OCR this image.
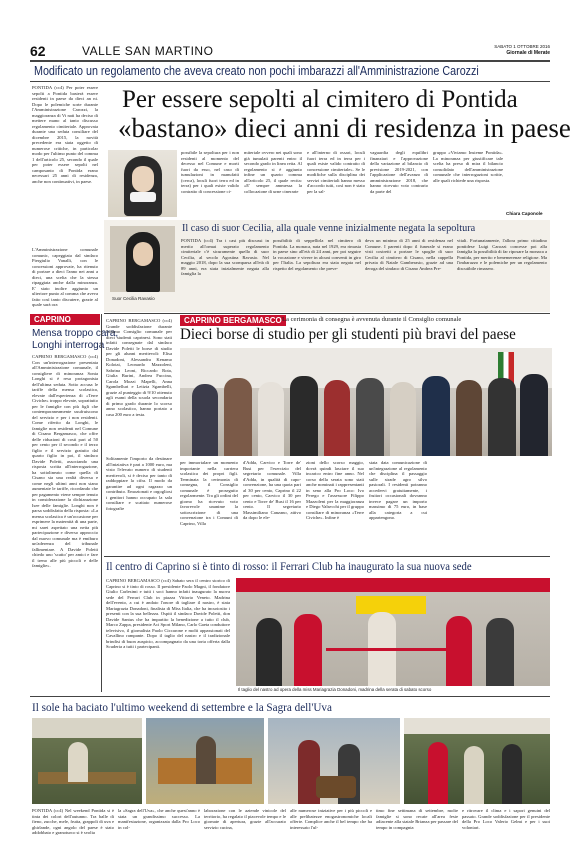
62	VALLE SAN MARTINO	SABATO 1 OTTOBRE 2016
Giornale di Merate
Modificato un regolamento che aveva creato non pochi imbarazzi all'Amministrazione Carozzi
PONTIDA (cc4) Per poter essere sepolti a Pontida basterà essere residenti in paese da dieci an ni. Dopo le polemiche sorte durante l'Amministrazione Carozzi, la maggioranza di Vi nati ha deciso di mettere mano al tanto discusso regolamento cimiteriale. Approvata durante una seduta consiliare del dicembre 2015, la novità precedente era stata oggetto di numerose critiche, in particolar modo per l'ultimo punto del comma 1 dell'articolo 25, secondo il quale per poter essere sepolti nel camposanto di Pontida erano necessari 25 anni di residenza, anche non continuativi, in paese.
Per essere sepolti al cimitero di Pontida
«bastano» dieci anni di residenza in paese
possibile la sepoltura per i non residenti al momento del decesso nel Comune e morti fuori da esso, nel caso di tumulazioni in manufatti (cerca), loculi fuori terra ed in terra) per i quali esiste valido contratto di concessione ci-
miteriale ovvero nei quali sono già tumulati parenti entro il secondo grado in linea retta. Al regolamento si è aggiunto infine un quarto comma all'articolo 25, il quale recita: «E' sempre ammessa la collocazione di urne cinerarie
e all'interno di ossari, loculi fuori terra ed in terra per i quali esiste valido contratto di concessione cimiteriale». Se le modifiche sulla disciplina dei servizi cimiteriali hanno messo d'accordo tutti, così non è stato per la sal-
vaguardia degli equilibri finanziari e l'approvazione della variazione al bilancio di previsione 2019-2021, con l'applicazione dell'avanzo di amministrazione 2018, che hanno ricevuto voto contrario da parte del
gruppo «Viviamo Insieme Pontida». La minoranza per giustificare tale scelta ha preso di mira il bilancio consolidato dell'amministrazione comunale che interrogazioni scritte, alle quali richiede una risposta.
Chiara Caponole
L'Amministrazione comunale comunic, capeggiata dal sindaco Piergiulio Vanalli, con le concessioni approvate, ha ritenuto di portare a dieci l'anno nei anni a dieci, una scelta che la stessa ripaggiata anche dalla minoranza. E' stato inoltre aggiunto un ulteriore punto al comma che aveva fatto così tanto discutere, grazie al quale sarà ora
Il caso di suor Cecilia, alla quale venne inizialmente negata la sepoltura
Suor Cecilia Ravasio
PONTIDA (cc4) Tra i casi più discussi in merito all'ormai superato regolamento cimiteriale c'è sicuramente quello di suor Cecilia, al secolo Agostina Ravasio. Nel maggio 2018, dopo la sua scomparsa all'età di 89 anni, era stata inizialmente negata alla famiglia la
possibilità di seppellirla nel cimitero di Pontida. La monaca, nata nel 1929, era rimasta in paese sino all'età di 24 anni, per poi seguire la vocazione e vivere in alcuni conventi in giro per l'Italia. La sepoltura era stata negata nel rispetto del regolamento che preve-
deva un minimo di 25 anni di residenza nel Comune. I parenti dopo il funerale si erano visti costretti a portare le spoglie di suor Cecilia al cimitero di Cisano, nella cappella privata di Natale Gamberasio, grazie ad una deroga del sindaco di Cisano Andrea Pre-
vitali. Fortunatamente, l'allora primo cittadino pontidese Luigi Carozzi concesse poi alla famiglia la possibilità di far riposare la monaca a Pontida, per merito e benemerenze religiose. Ma l'imbarazzo e le polemiche per un regolamento discutibile rimasero.
CAPRINO
Mensa troppo cara,
Longhi interroga
CAPRINO BERGAMASCO (cc4) Con un'interrogazione presentata all'Amministrazione comunale, il consigliere di minoranza Sonia Longhi si è resa protagonista dell'ultima seduta. Sotto accusa le tariffe della mensa scolastica, elevate dall'esperienza di «Terre Civiche» troppo elevate, soprattutto per le famiglie con più figli che contemporaneamente usufruiscono del servizio e per i non residenti. Come riferito da Longhi, le famiglie non residenti nel Comune di Cisano Bergamasco, che offre delle riduzioni di costi pari al 50 per cento per il secondo e il terzo figlio e il servizio gratuito dal quarto figlio in poi, il sindaco Davide Poletti, associando una risposta scritta all'interrogazione, ha sottolineato come quella di Cisano sia una realtà diversa e come negli ultimi anni non siano aumentate le tariffe, ricordando che per pagamento viene sempre tenuto in considerazione la dichiarazione Isee delle famiglie. Longhi non è parsa soddisfatta della risposta: «La mensa scolastica è un'occasione per esprimere la maternità di una parte, mi sarei aspettato una netta più partecipazione e diverso approccio dal nuovo comunale ma è emiburo un'aderenza del tribunale fallimentare. A Davide Poletti chiedo uno 'scatto' per amici e fare il treno alle più piccoli e delle famiglie».
CAPRINO BERGAMASCO (cc4) Grande soddisfazione durante l'ultimo Consiglio comunale per dieci studenti caprinesi. Sono stati infatti consegnate dal sindaco Davide Poletti le borse di studio per gli alunni meritevoli: Elisa Donadoni, Alessandra Kenamo Kolotai, Leonardo Mazzoleni, Sabrina Leoni, Riccardo Rota, Giulia Burini, Andrea Fuccina, Carola Mozzi Mapelli, Anna Sgambelluri e Letizia Sgambelli, grazie al punteggio di 9/10 ottenuto agli esami della scuola secondaria di primo grado durante lo scorso anno scolastico, hanno portato a casa 200 euro a testa.
Solitamente l'importo da destinare all'iniziativa è pari a 1000 euro, ma visto l'elevato numero di studenti meritevoli, si è deciso per tanto di raddoppiare la cifra. Il modo da garantire ad ogni ragazzo un contributo. Emozionati e orgogliosi i genitori hanno occupato la sala consiliare e scattato numerose fotografie
CAPRINO BERGAMASCO La cerimonia di consegna è avvenuta durante il Consiglio comunale
Dieci borse di studio per gli studenti più bravi del paese
per immortalare un momento importante nella carriera scolastica dei propri figli. Terminata la cerimonia di consegna, il Consiglio comunale è proseguito regolarmente. Tra gli ordini del giorno ha ricevuto voto favorevole unanime la sottoscrizione di una convenzione tra i Comuni di Caprino, Villa
d'Adda, Carvico e Torre de' Busi per l'esercizio del segretario comunale. Villa d'Adda, in qualità di capo-convenzione, ha una quota pari al 30 per cento, Caprino il 22 per cento, Carvico il 30 per cento e Torre de' Busi il 16 per cento. Il segretario Massimiliano Canzano, attivo da dopo le ele-
zioni dello scorso maggio, dovrà quindi lasciare il suo incarico entro fine anno. Nel corso della serata sono stati anche nominati i rappresentanti in seno alla Pro Loco: Ivo Perego e l'assessore Filippo Mazzoleni per la maggioranza e Diego Valsecchi per il gruppo consiliare di minoranza «Terre Civiche». Infine è
stata data comunicazione di un'integrazione al regolamento che disciplina il passaggio sulle strade agro silvo pastorali. I residenti potranno accedervi gratuitamente, i fruitori occasionali dovranno invece pagare un importo massimo di 75 euro, in base alla categoria a cui appartengono.
Il centro di Caprino si è tinto di rosso: il Ferrari Club ha inaugurato la sua nuova sede
CAPRINO BERGAMASCO (cc4) Sabato sera il centro storico di Caprino si è tinto di rosso. Il presidente Paolo Magni, il fondatore Giulio Carlesimi e tutti i soci hanno infatti inaugurato la nuova sede del Ferrari Club in piazza Vittorio Veneto. Madrina dell'evento, a cui è andato l'onore di tagliare il nastro, è stata Mariagrazia Donadoni, finalista di Miss Italia, che ha incuriosito i presenti con la sua bellezza. Ospiti il sindaco Davide Poletti, don Davide Santus che ha impartito la benedizione a tutto il club, Marco Zappa, presidente Aci Sport Milano, Carlo Gaeta conduttore televisivo, il giornalista Paolo Ciccarone e molti appassionati del Cavallino rampante. Dopo il taglio del nastro e il tradizionale brindisi di buon auspicio, accompagnato da una torta offerta dalla Scuderia a tutti i partecipanti.
Il taglio del nastro ad opera della miss Mariagrazia Donadoni, madrina della serata di sabato scorso
Il sole ha baciato l'ultimo weekend di settembre e la Sagra dell'Uva
PONTIDA (cc4) Nel weekend Pontida si è tinta dei colori dell'autunno. Tra balle di fieno, zucche, mele, frutta, grappoli di uva e ghirlande, ogni angolo del paese è stato addobbato e granoturco si è svolta
la «Sagra dell'Uva», che anche quest'anno è stata un grandissimo successo. La manifestazione, organizzata dalla Pro Loco in col-
laborazione con le aziende vinicole del territorio, ha regalato il piacevole tempo e le giornate di apertura, grazie all'accurato servizio cucina,
alle numerose iniziative per i più piccoli e alle prelibatezze enogastronomiche locali offerte. Complice anche il bel tempo che ha interessato l'ul-
timo fine settimana di settembre, molte famiglie si sono recate all'area feste adiacente alla statale Brianza per passare del tempo in compagnia
e ritrovare il clima e i sapori genuini del passato. Grande soddisfazione per il presidente della Pro Loco Valerio Gelmi e per i suoi volontari.
